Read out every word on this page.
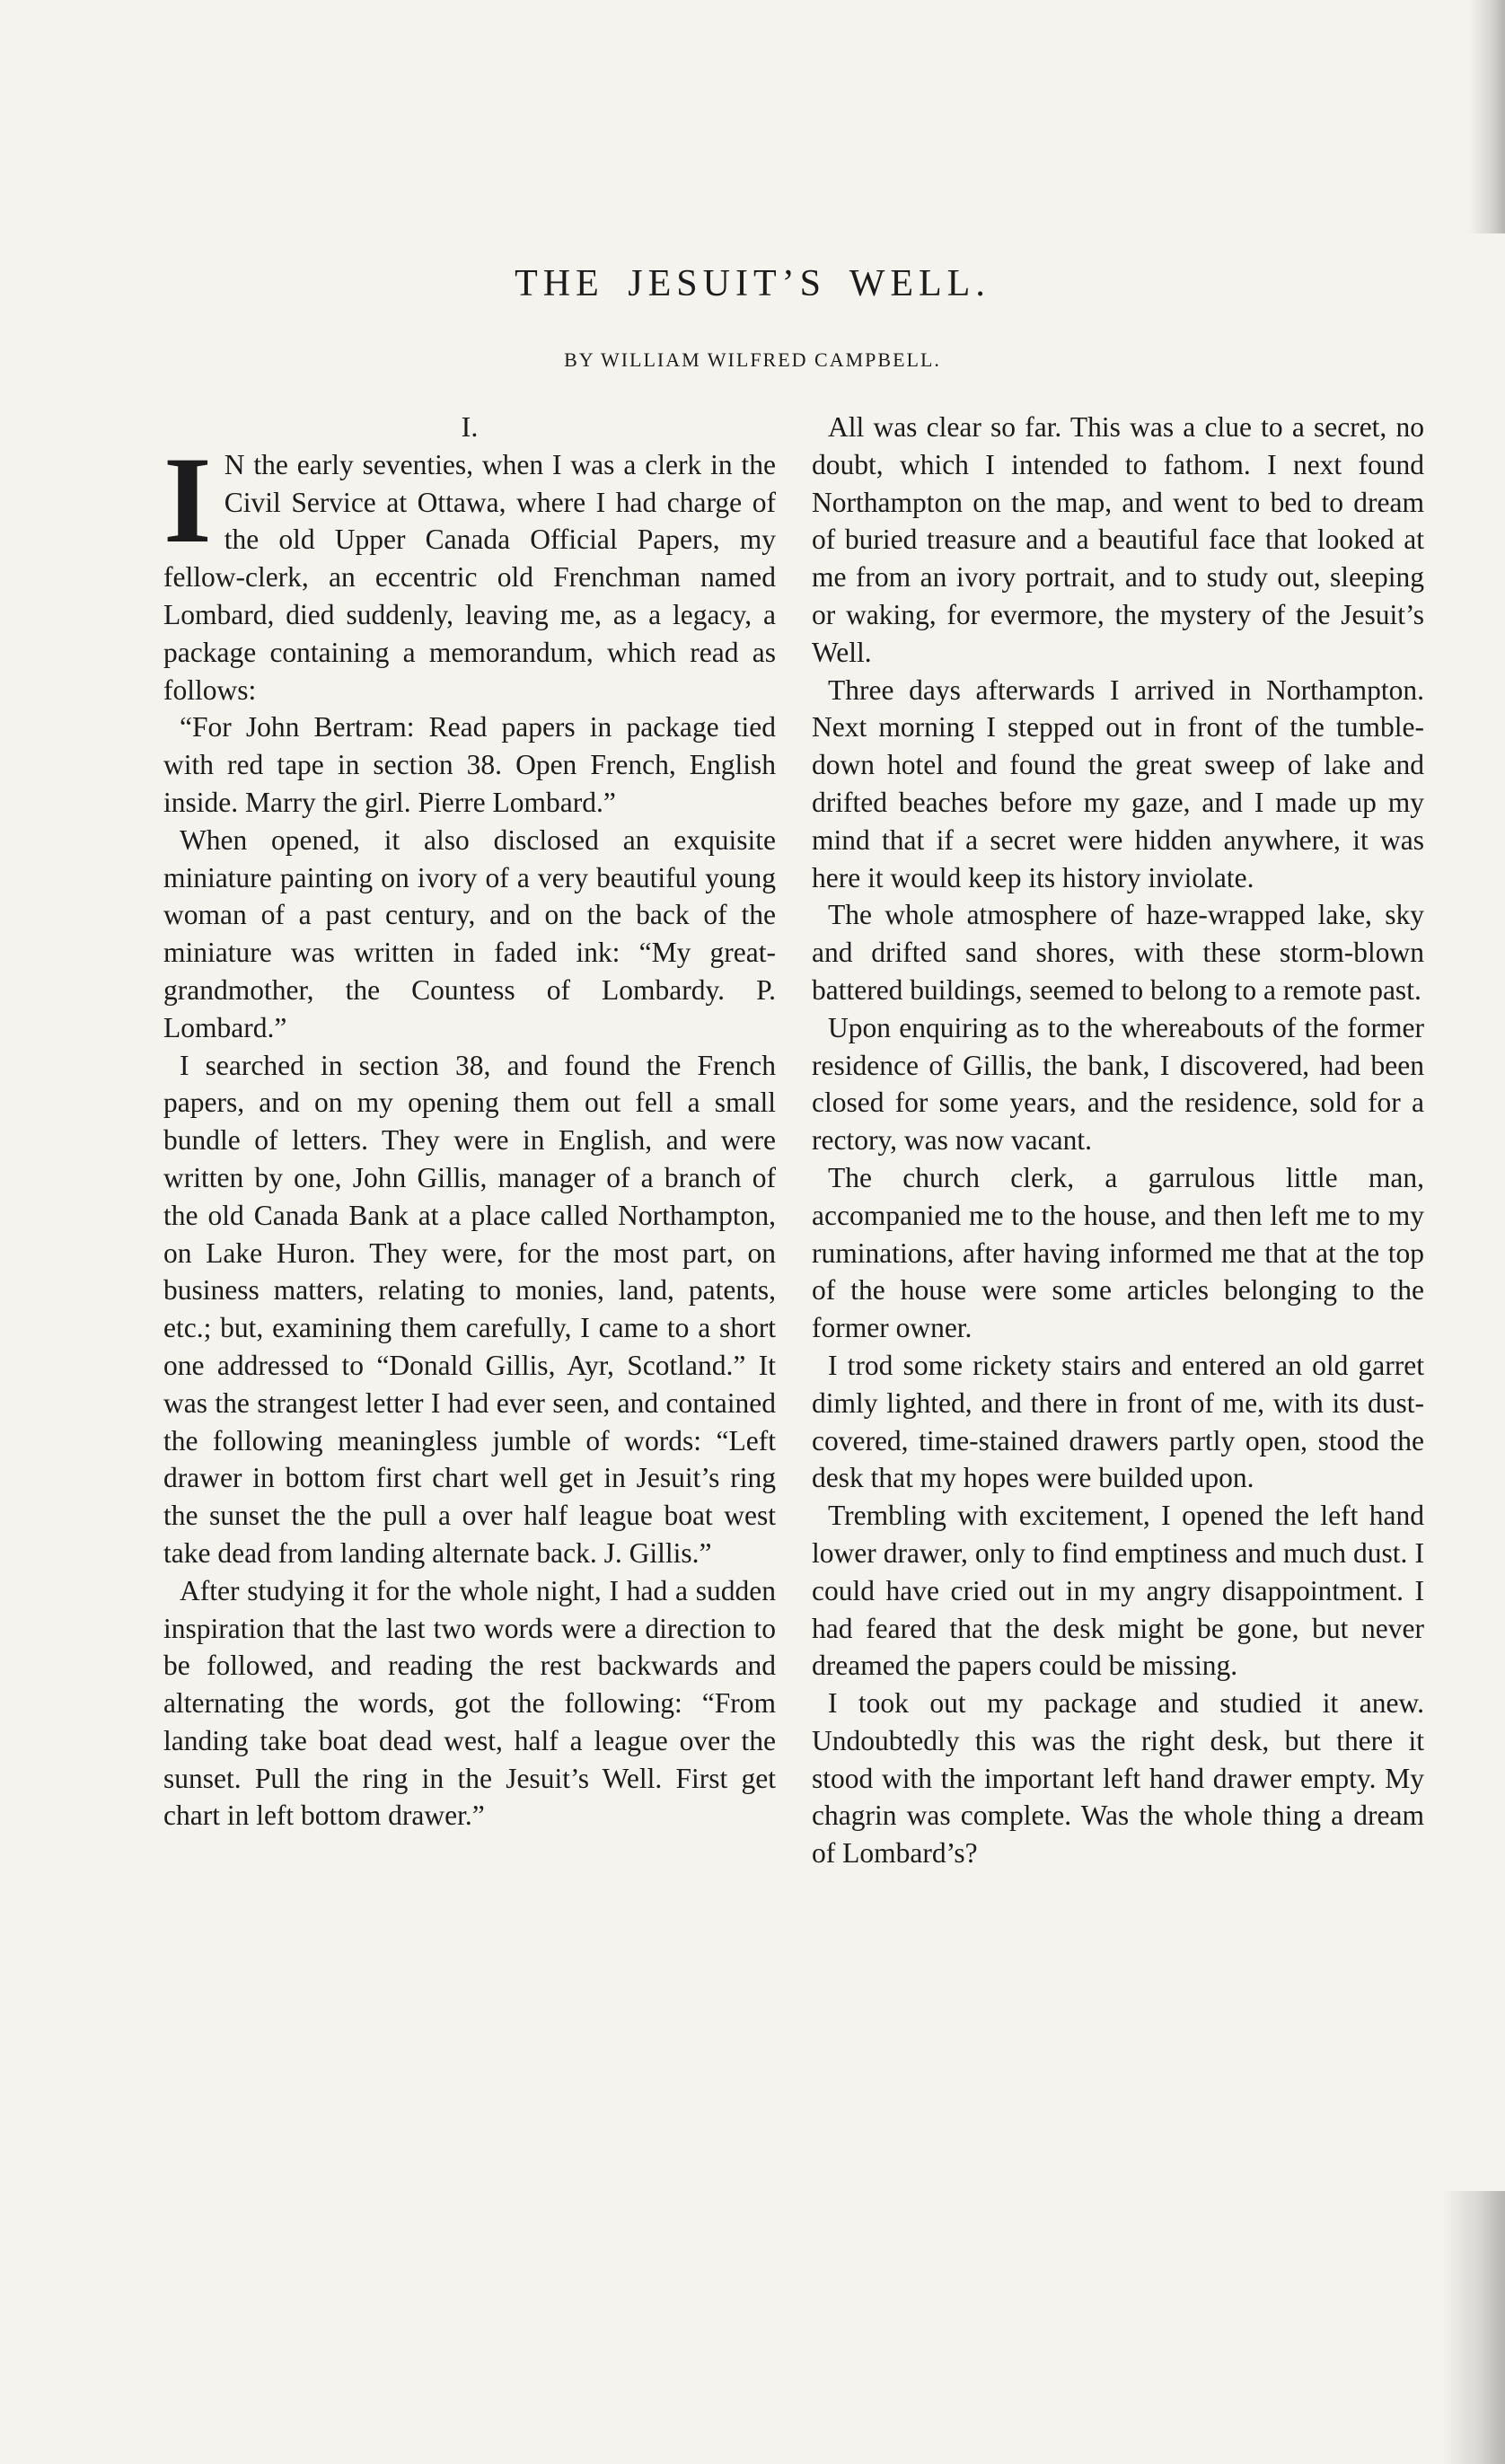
THE JESUIT’S WELL.
BY WILLIAM WILFRED CAMPBELL.

I.

I N the early seventies, when I was a clerk in the Civil Service at Ottawa, where I had charge of the old Upper Canada Official Papers, my fellow-clerk, an eccentric old Frenchman named Lombard, died suddenly, leaving me, as a legacy, a package containing a memorandum, which read as follows:

“For John Bertram: Read papers in package tied with red tape in section 38. Open French, English inside. Marry the girl. Pierre Lombard.”

When opened, it also disclosed an exquisite miniature painting on ivory of a very beautiful young woman of a past century, and on the back of the miniature was written in faded ink: “My great-grandmother, the Countess of Lombardy. P. Lombard.”

I searched in section 38, and found the French papers, and on my opening them out fell a small bundle of letters. They were in English, and were written by one, John Gillis, manager of a branch of the old Canada Bank at a place called Northampton, on Lake Huron. They were, for the most part, on business matters, relating to monies, land, patents, etc.; but, examining them carefully, I came to a short one addressed to “Donald Gillis, Ayr, Scotland.” It was the strangest letter I had ever seen, and contained the following meaningless jumble of words: “Left drawer in bottom first chart well get in Jesuit’s ring the sunset the the pull a over half league boat west take dead from landing alternate back. J. Gillis.”

After studying it for the whole night, I had a sudden inspiration that the last two words were a direction to be followed, and reading the rest backwards and alternating the words, got the following: “From landing take boat dead west, half a league over the sunset. Pull the ring in the Jesuit’s Well. First get chart in left bottom drawer.”

All was clear so far. This was a clue to a secret, no doubt, which I intended to fathom. I next found Northampton on the map, and went to bed to dream of buried treasure and a beautiful face that looked at me from an ivory portrait, and to study out, sleeping or waking, for evermore, the mystery of the Jesuit’s Well.

Three days afterwards I arrived in Northampton. Next morning I stepped out in front of the tumble-down hotel and found the great sweep of lake and drifted beaches before my gaze, and I made up my mind that if a secret were hidden anywhere, it was here it would keep its history inviolate.

The whole atmosphere of haze-wrapped lake, sky and drifted sand shores, with these storm-blown battered buildings, seemed to belong to a remote past.

Upon enquiring as to the whereabouts of the former residence of Gillis, the bank, I discovered, had been closed for some years, and the residence, sold for a rectory, was now vacant.

The church clerk, a garrulous little man, accompanied me to the house, and then left me to my ruminations, after having informed me that at the top of the house were some articles belonging to the former owner.

I trod some rickety stairs and entered an old garret dimly lighted, and there in front of me, with its dust-covered, time-stained drawers partly open, stood the desk that my hopes were builded upon.

Trembling with excitement, I opened the left hand lower drawer, only to find emptiness and much dust. I could have cried out in my angry disappointment. I had feared that the desk might be gone, but never dreamed the papers could be missing.

I took out my package and studied it anew. Undoubtedly this was the right desk, but there it stood with the important left hand drawer empty. My chagrin was complete. Was the whole thing a dream of Lombard’s?
